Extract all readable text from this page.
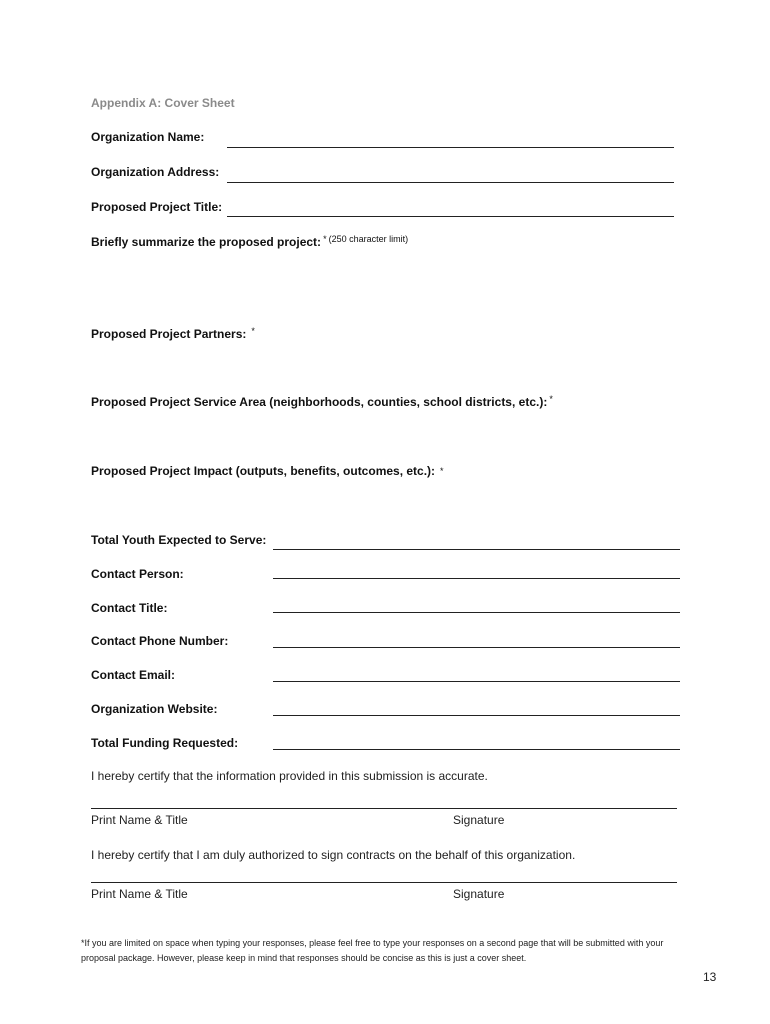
Appendix A: Cover Sheet
Organization Name:
Organization Address:
Proposed Project Title:
Briefly summarize the proposed project: * $^{(250 character limit)}$
Proposed Project Partners: *
Proposed Project Service Area (neighborhoods, counties, school districts, etc.): *
Proposed Project Impact (outputs, benefits, outcomes, etc.): *
Total Youth Expected to Serve:
Contact Person:
Contact Title:
Contact Phone Number:
Contact Email:
Organization Website:
Total Funding Requested:
I hereby certify that the information provided in this submission is accurate.
Print Name & Title	Signature
I hereby certify that I am duly authorized to sign contracts on the behalf of this organization.
Print Name & Title	Signature
*If you are limited on space when typing your responses, please feel free to type your responses on a second page that will be submitted with your proposal package. However, please keep in mind that responses should be concise as this is just a cover sheet.
13
